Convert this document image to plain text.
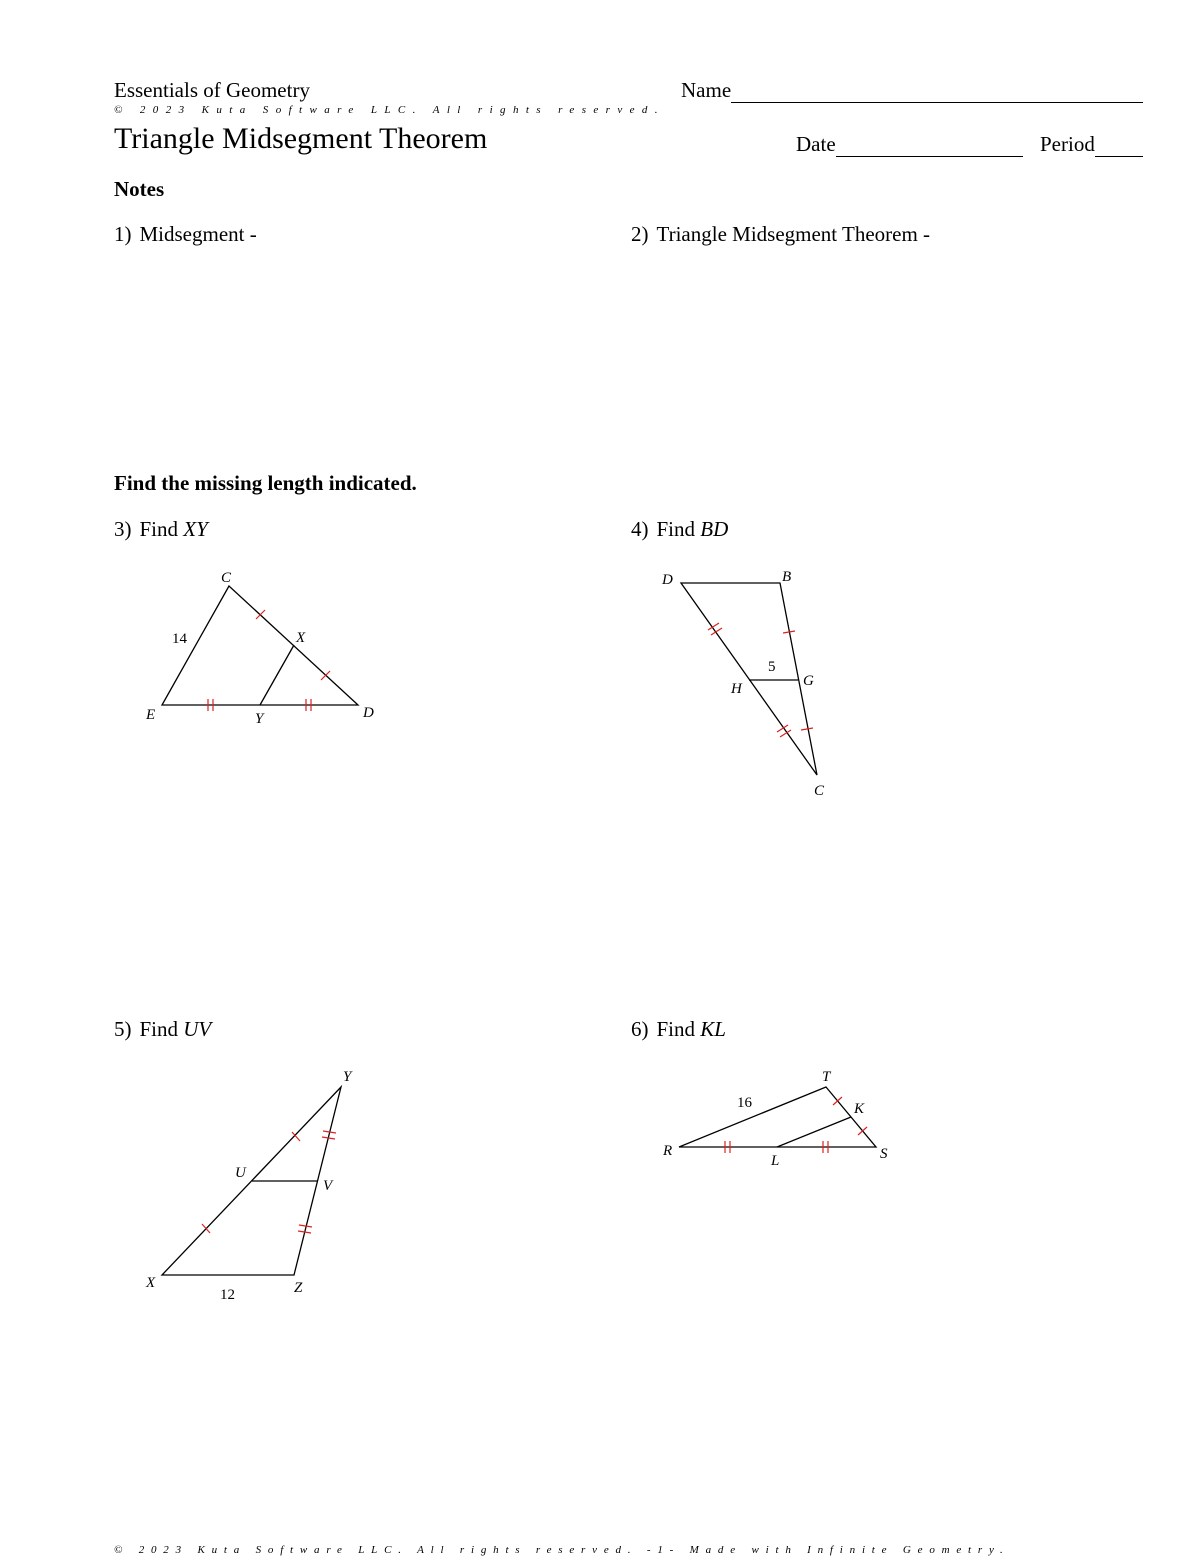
Essentials of Geometry
© 2023 Kuta Software LLC. All rights reserved.
Triangle Midsegment Theorem
Name
Date	Period
Notes
1) Midsegment -	2) Triangle Midsegment Theorem -
Find the missing length indicated.
3) Find XY	4) Find BD
5) Find UV	6) Find KL
C
E	D
X
Y
14
D	B
C
H	G
5
Y
X	Z
U
V
12
T
R	S
K
L
16
© 2023 Kuta Software LLC. All rights reserved. -1- Made with Infinite Geometry.
